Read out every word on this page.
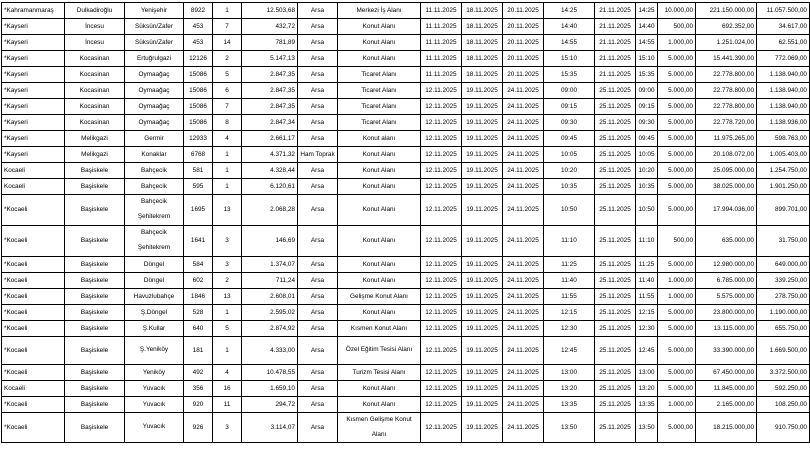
*Kahramanmaraş	Dulkadiroğlu	Yenişehir	8922	1	12.503,68	Arsa	Merkezi İş Alanı	11.11.2025	18.11.2025	20.11.2025	14:25	21.11.2025	14:25	10.000,00	221.150.000,00	11.057.500,00
*Kayseri	İncesu	Süksün/Zafer	453	7	432,72	Arsa	Konut Alanı	11.11.2025	18.11.2025	20.11.2025	14:40	21.11.2025	14:40	500,00	692.352,00	34.617,00
*Kayseri	İncesu	Süksün/Zafer	453	14	781,89	Arsa	Konut Alanı	11.11.2025	18.11.2025	20.11.2025	14:55	21.11.2025	14:55	1.000,00	1.251.024,00	62.551,00
*Kayseri	Kocasinan	Ertuğrulgazi	12126	2	5.147,13	Arsa	Konut Alanı	11.11.2025	18.11.2025	20.11.2025	15:10	21.11.2025	15:10	5.000,00	15.441.390,00	772.069,00
*Kayseri	Kocasinan	Oymaağaç	15086	5	2.847,35	Arsa	Ticaret Alanı	11.11.2025	18.11.2025	20.11.2025	15:35	21.11.2025	15:35	5.000,00	22.778.800,00	1.138.940,00
*Kayseri	Kocasinan	Oymaağaç	15086	6	2.847,35	Arsa	Ticaret Alanı	12.11.2025	19.11.2025	24.11.2025	09:00	25.11.2025	09:00	5.000,00	22.778.800,00	1.138.940,00
*Kayseri	Kocasinan	Oymaağaç	15086	7	2.847,35	Arsa	Ticaret Alanı	12.11.2025	19.11.2025	24.11.2025	09:15	25.11.2025	09:15	5.000,00	22.778.800,00	1.138.940,00
*Kayseri	Kocasinan	Oymaağaç	15086	8	2.847,34	Arsa	Ticaret Alanı	12.11.2025	19.11.2025	24.11.2025	09:30	25.11.2025	09:30	5.000,00	22.778.720,00	1.138.936,00
*Kayseri	Melikgazi	Germir	12933	4	2.661,17	Arsa	Konut alanı	12.11.2025	19.11.2025	24.11.2025	09:45	25.11.2025	09:45	5.000,00	11.975.265,00	598.763,00
*Kayseri	Melikgazi	Konaklar	6768	1	4.371,32	Ham Toprak	Konut Alanı	12.11.2025	19.11.2025	24.11.2025	10:05	25.11.2025	10:05	5.000,00	20.108.072,00	1.005.403,00
Kocaeli	Başiskele	Bahçecik	581	1	4.328,44	Arsa	Konut Alanı	12.11.2025	19.11.2025	24.11.2025	10:20	25.11.2025	10:20	5.000,00	25.095.000,00	1.254.750,00
Kocaeli	Başiskele	Bahçecik	595	1	6.120,61	Arsa	Konut Alanı	12.11.2025	19.11.2025	24.11.2025	10:35	25.11.2025	10:35	5.000,00	38.025.000,00	1.901.250,00
*Kocaeli	Başiskele	Bahçecik Şehitekrem	1695	13	2.068,28	Arsa	Konut Alanı	12.11.2025	19.11.2025	24.11.2025	10:50	25.11.2025	10:50	5.000,00	17.994.036,00	899.701,00
*Kocaeli	Başiskele	Bahçecik Şehitekrem	1641	3	146,69	Arsa	Konut Alanı	12.11.2025	19.11.2025	24.11.2025	11:10	25.11.2025	11:10	500,00	635.000,00	31.750,00
*Kocaeli	Başiskele	Döngel	584	3	1.374,07	Arsa	Konut Alanı	12.11.2025	19.11.2025	24.11.2025	11:25	25.11.2025	11:25	5.000,00	12.980.000,00	649.000,00
*Kocaeli	Başiskele	Döngel	602	2	711,24	Arsa	Konut Alanı	12.11.2025	19.11.2025	24.11.2025	11:40	25.11.2025	11:40	1.000,00	6.785.000,00	339.250,00
*Kocaeli	Başiskele	Havuzlubahçe	1846	13	2.608,01	Arsa	Gelişme Konut Alanı	12.11.2025	19.11.2025	24.11.2025	11:55	25.11.2025	11:55	1.000,00	5.575.000,00	278.750,00
*Kocaeli	Başiskele	Ş.Döngel	528	1	2.595,02	Arsa	Konut Alanı	12.11.2025	19.11.2025	24.11.2025	12:15	25.11.2025	12:15	5.000,00	23.800.000,00	1.190.000,00
*Kocaeli	Başiskele	Ş.Kullar	640	5	2.874,92	Arsa	Kısmen Konut Alanı	12.11.2025	19.11.2025	24.11.2025	12:30	25.11.2025	12:30	5.000,00	13.115.000,00	655.750,00
*Kocaeli	Başiskele	Ş.Yeniköy	181	1	4.333,00	Arsa	Özel Eğitim Tesisi Alanı	12.11.2025	19.11.2025	24.11.2025	12:45	25.11.2025	12:45	5.000,00	33.390.000,00	1.669.500,00
*Kocaeli	Başiskele	Yeniköy	492	4	10.478,55	Arsa	Turizm Tesisi Alanı	12.11.2025	19.11.2025	24.11.2025	13:00	25.11.2025	13:00	5.000,00	67.450.000,00	3.372.500,00
Kocaeli	Başiskele	Yuvacık	356	16	1.659,10	Arsa	Konut Alanı	12.11.2025	19.11.2025	24.11.2025	13:20	25.11.2025	13:20	5.000,00	11.845.000,00	592.250,00
*Kocaeli	Başiskele	Yuvacık	920	11	294,72	Arsa	Konut Alanı	12.11.2025	19.11.2025	24.11.2025	13:35	25.11.2025	13:35	1.000,00	2.165.000,00	108.250,00
*Kocaeli	Başiskele	Yuvacık	926	3	3.114,07	Arsa	Kısmen Gelişme Konut Alanı	12.11.2025	19.11.2025	24.11.2025	13:50	25.11.2025	13:50	5.000,00	18.215.000,00	910.750,00
